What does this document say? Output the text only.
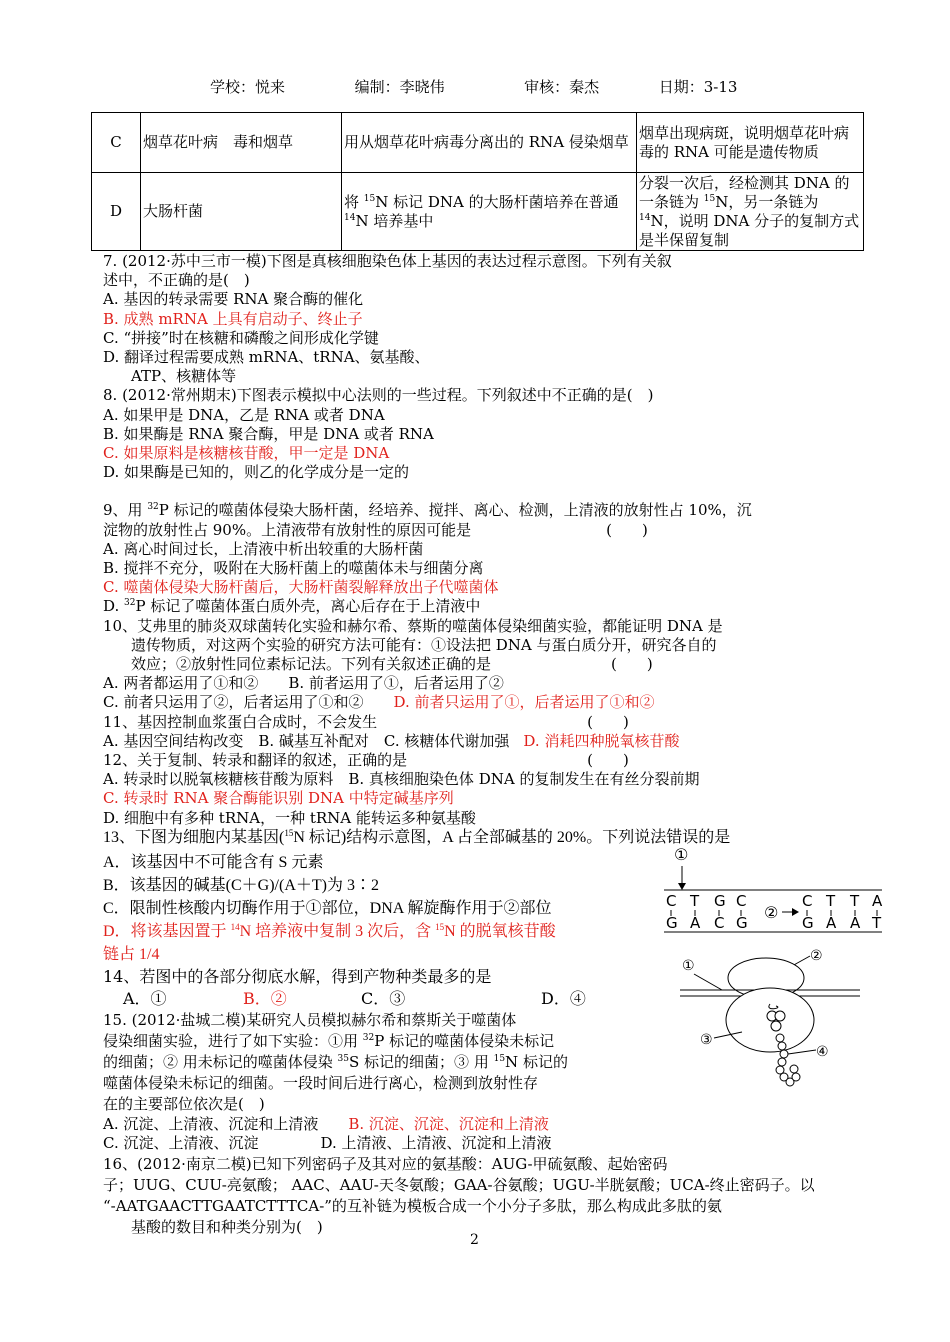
学校：悦来	编制：李晓伟	审核：秦杰	日期：3-13
C	烟草花叶病　毒和烟草	用从烟草花叶病毒分离出的 RNA 侵染烟草	烟草出现病斑，说明烟草花叶病毒的 RNA 可能是遗传物质
D	大肠杆菌	将 $^{15}$N 标记 DNA 的大肠杆菌培养在普通 $^{14}$N 培养基中	分裂一次后，经检测其 DNA 的一条链为 $^{15}$N，另一条链为 $^{14}$N，说明 DNA 分子的复制方式是半保留复制
7. (2012·苏中三市一模)下图是真核细胞染色体上基因的表达过程示意图。下列有关叙
述中，不正确的是(　)
A. 基因的转录需要 RNA 聚合酶的催化
B. 成熟 mRNA 上具有启动子、终止子
C. “拼接”时在核糖和磷酸之间形成化学键
D. 翻译过程需要成熟 mRNA、tRNA、氨基酸、
ATP、核糖体等
8. (2012·常州期末)下图表示模拟中心法则的一些过程。下列叙述中不正确的是(　)
A. 如果甲是 DNA，乙是 RNA 或者 DNA
B. 如果酶是 RNA 聚合酶，甲是 DNA 或者 RNA
C. 如果原料是核糖核苷酸，甲一定是 DNA
D. 如果酶是已知的，则乙的化学成分是一定的
9、用 $^{32}$P 标记的噬菌体侵染大肠杆菌，经培养、搅拌、离心、检测，上清液的放射性占 10%，沉
淀物的放射性占 90%。上清液带有放射性的原因可能是　　　　　　　　　(　　)
A. 离心时间过长，上清液中析出较重的大肠杆菌
B. 搅拌不充分，吸附在大肠杆菌上的噬菌体未与细菌分离
C. 噬菌体侵染大肠杆菌后，大肠杆菌裂解释放出子代噬菌体
D. $^{32}$P 标记了噬菌体蛋白质外壳，离心后存在于上清液中
10、艾弗里的肺炎双球菌转化实验和赫尔希、蔡斯的噬菌体侵染细菌实验，都能证明 DNA 是
遗传物质，对这两个实验的研究方法可能有：①设法把 DNA 与蛋白质分开，研究各自的
效应；②放射性同位素标记法。下列有关叙述正确的是　　　　　　　　(　　)
A. 两者都运用了①和②　　B. 前者运用了①，后者运用了②
C. 前者只运用了②，后者运用了①和② D. 前者只运用了①，后者运用了①和②
11、基因控制血浆蛋白合成时，不会发生　　　　　　　　　　　　　　(　　)
A. 基因空间结构改变　B. 碱基互补配对　C. 核糖体代谢加强 D. 消耗四种脱氧核苷酸
12、关于复制、转录和翻译的叙述，正确的是　　　　　　　　　　　　(　　)
A. 转录时以脱氧核糖核苷酸为原料　B. 真核细胞染色体 DNA 的复制发生在有丝分裂前期
C. 转录时 RNA 聚合酶能识别 DNA 中特定碱基序列
D. 细胞中有多种 tRNA，一种 tRNA 能转运多种氨基酸
13、下图为细胞内某基因($^{15}$N 标记)结构示意图，A 占全部碱基的 20%。下列说法错误的是
A．该基因中不可能含有 S 元素
B．该基因的碱基(C＋G)/(A＋T)为 3∶2
C．限制性核酸内切酶作用于①部位，DNA 解旋酶作用于②部位
D．将该基因置于 $^{14}$N 培养液中复制 3 次后，含 $^{15}$N 的脱氧核苷酸
链占 1/4
14、若图中的各部分彻底水解，得到产物种类最多的是
A．①	B．②	C．③	D．④
15. (2012·盐城二模)某研究人员模拟赫尔希和蔡斯关于噬菌体
侵染细菌实验，进行了如下实验：①用 $^{32}$P 标记的噬菌体侵染未标记
的细菌；② 用未标记的噬菌体侵染 $^{35}$S 标记的细菌；③ 用 $^{15}$N 标记的
噬菌体侵染未标记的细菌。一段时间后进行离心，检测到放射性存
在的主要部位依次是(　)
A. 沉淀、上清液、沉淀和上清液 B. 沉淀、沉淀、沉淀和上清液
C. 沉淀、上清液、沉淀	D. 上清液、上清液、沉淀和上清液
16、(2012·南京二模)已知下列密码子及其对应的氨基酸：AUG-甲硫氨酸、起始密码
子；UUG、CUU-亮氨酸； AAC、AAU-天冬氨酸；GAA-谷氨酸；UGU-半胱氨酸；UCA-终止密码子。以
“-AATGAACTTGAATCTTTCA-”的互补链为模板合成一个小分子多肽，那么构成此多肽的氨
基酸的数目和种类分别为(　)
①
C T G C
G A C G
C T T A
G A A T
②
①
②
③
④
2
